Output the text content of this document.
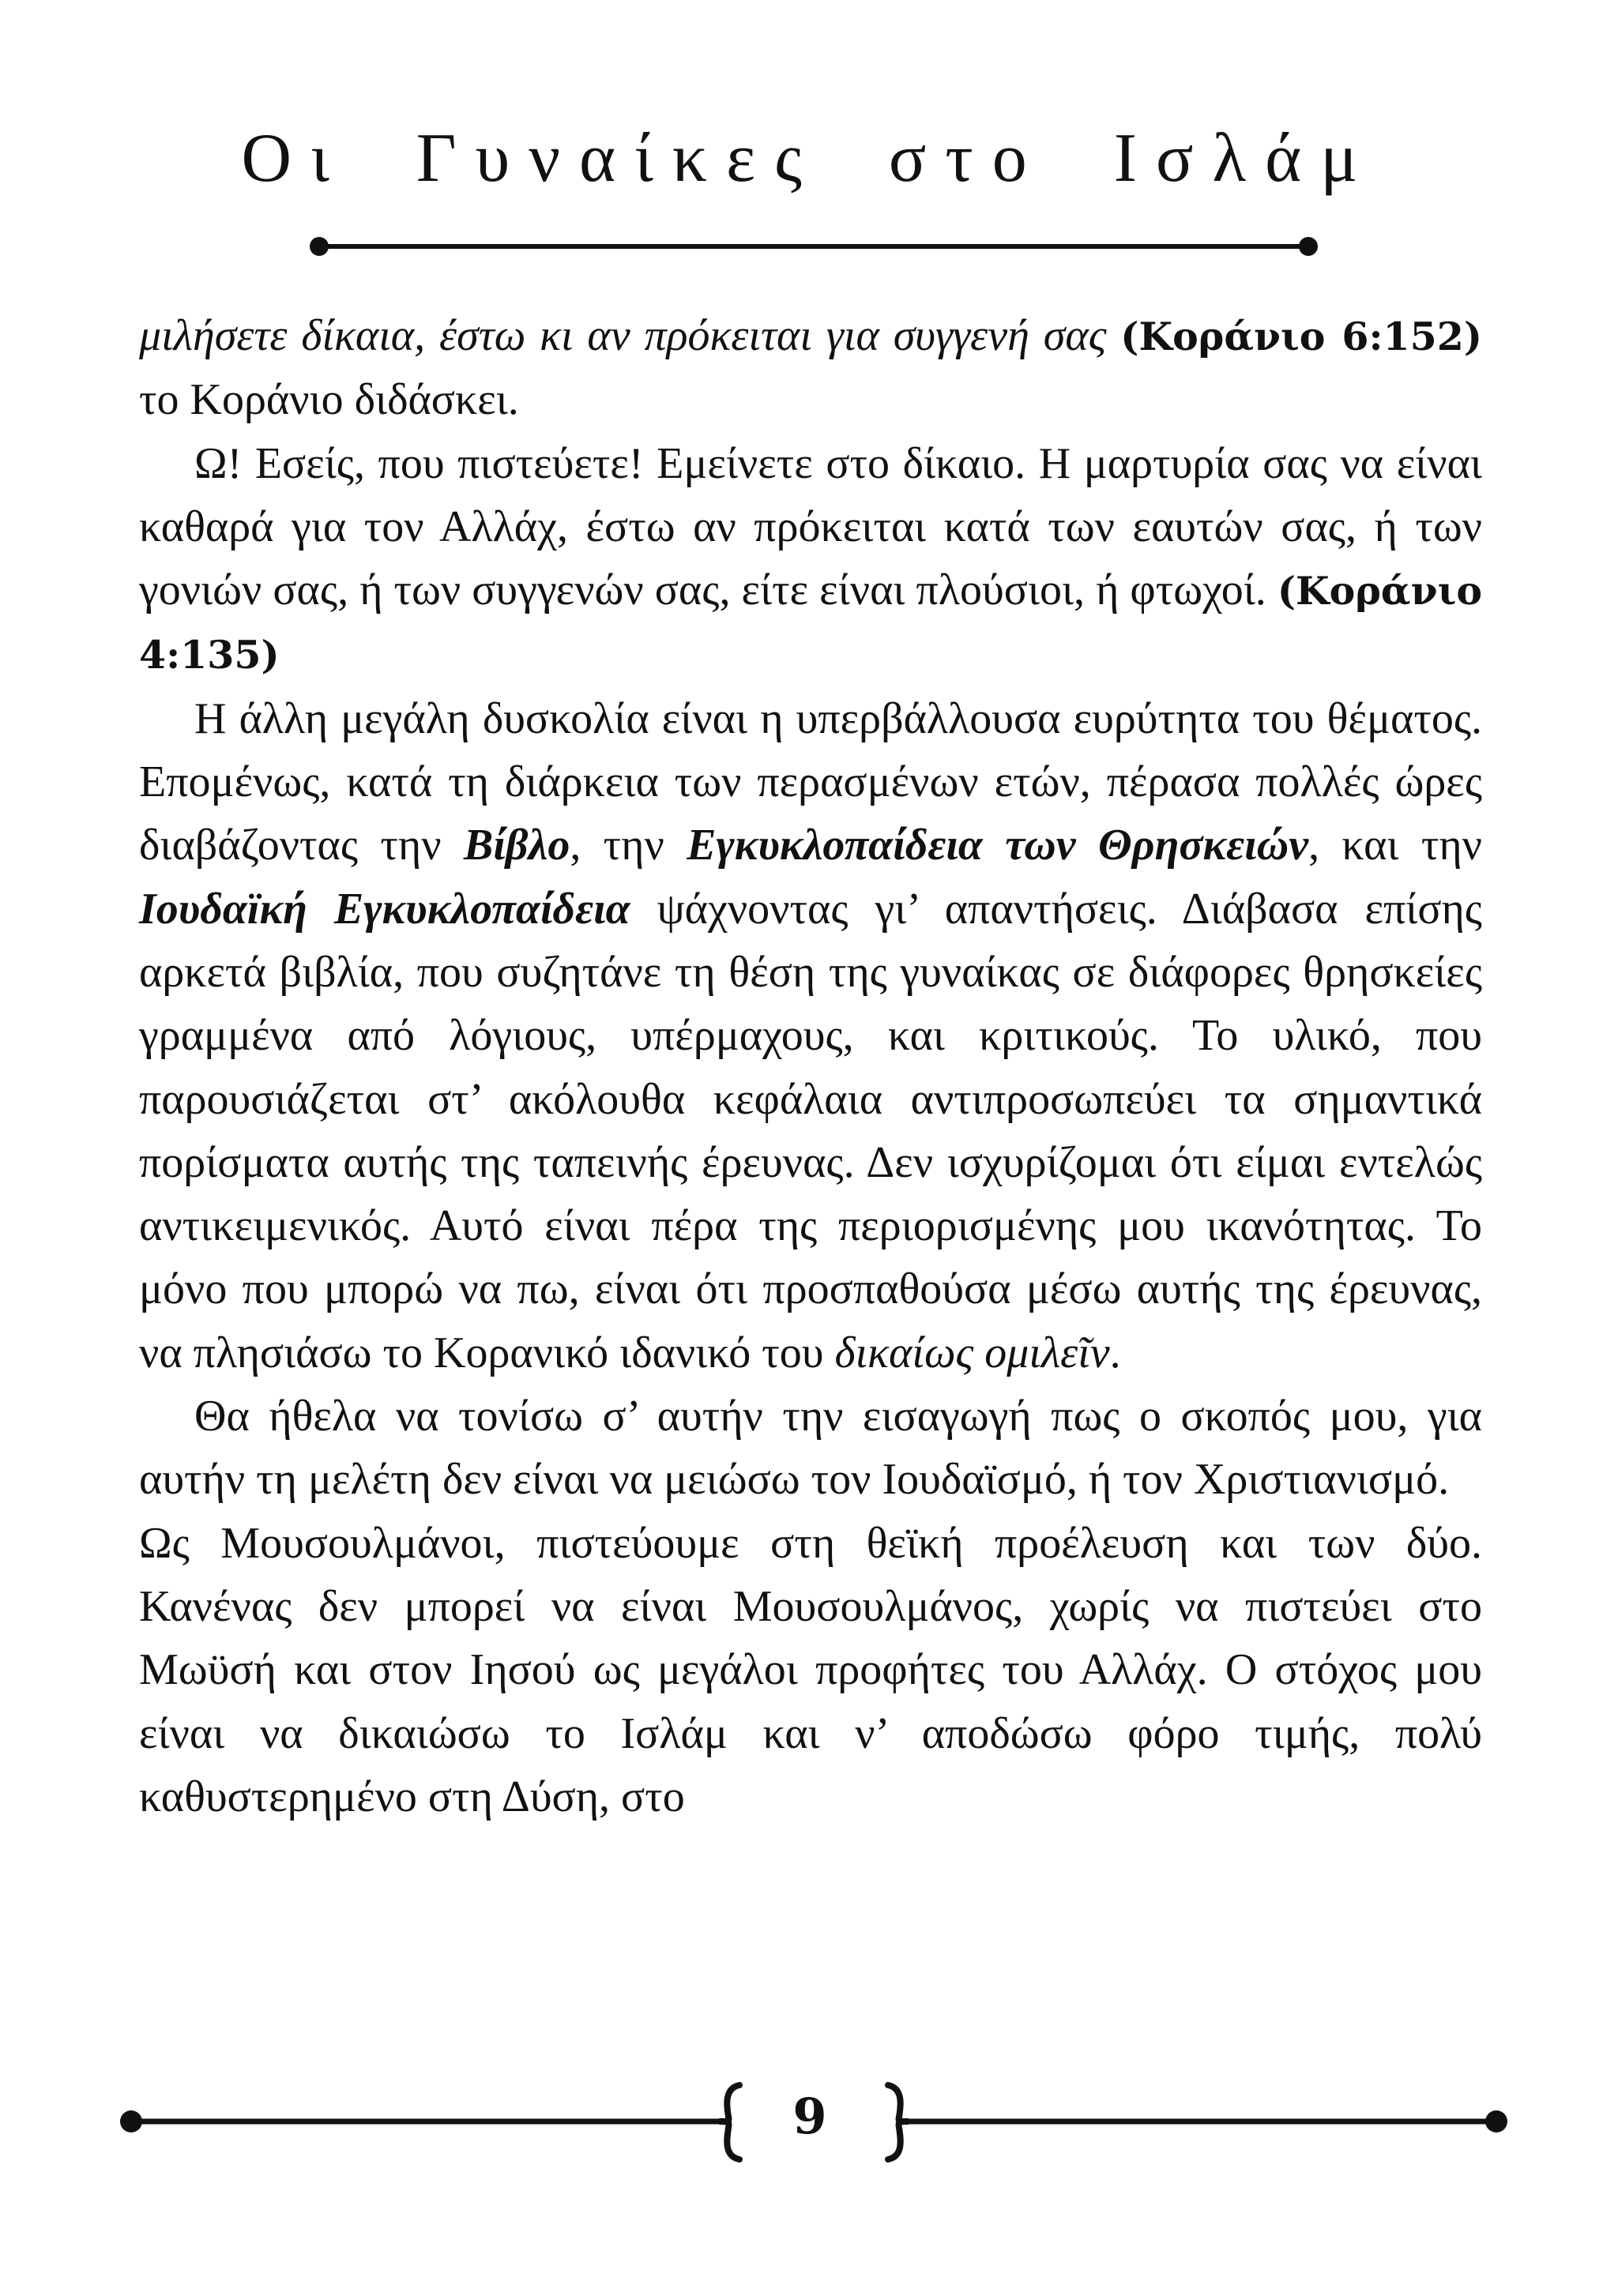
Οι Γυναίκες στο Ισλάμ

μιλήσετε δίκαια, έστω κι αν πρόκειται για συγγενή σας (Κοράνιο 6:152) το Κοράνιο διδάσκει.

Ω! Εσείς, που πιστεύετε! Εμείνετε στο δίκαιο. Η μαρτυρία σας να είναι καθαρά για τον Αλλάχ, έστω αν πρόκειται κατά των εαυτών σας, ή των γονιών σας, ή των συγγενών σας, είτε είναι πλούσιοι, ή φτωχοί. (Κοράνιο 4:135)

Η άλλη μεγάλη δυσκολία είναι η υπερβάλλουσα ευρύτητα του θέματος. Επομένως, κατά τη διάρκεια των περασμένων ετών, πέρασα πολλές ώρες διαβάζοντας την Βίβλο, την Εγκυκλοπαίδεια των Θρησκειών, και την Ιουδαϊκή Εγκυκλοπαίδεια ψάχνοντας γι’ απαντήσεις. Διάβασα επίσης αρκετά βιβλία, που συζητάνε τη θέση της γυναίκας σε διάφορες θρησκείες γραμμένα από λόγιους, υπέρμαχους, και κριτικούς. Το υλικό, που παρουσιάζεται στ’ ακόλουθα κεφάλαια αντιπροσωπεύει τα σημαντικά πορίσματα αυτής της ταπεινής έρευνας. Δεν ισχυρίζομαι ότι είμαι εντελώς αντικειμενικός. Αυτό είναι πέρα της περιορισμένης μου ικανότητας. Το μόνο που μπορώ να πω, είναι ότι προσπαθούσα μέσω αυτής της έρευνας, να πλησιάσω το Κορανικό ιδανικό του δικαίως ομιλεῖν.

Θα ήθελα να τονίσω σ’ αυτήν την εισαγωγή πως ο σκοπός μου, για αυτήν τη μελέτη δεν είναι να μειώσω τον Ιουδαϊσμό, ή τον Χριστιανισμό.

Ως Μουσουλμάνοι, πιστεύουμε στη θεϊκή προέλευση και των δύο. Κανένας δεν μπορεί να είναι Μουσουλμάνος, χωρίς να πιστεύει στο Μωϋσή και στον Ιησού ως μεγάλοι προφήτες του Αλλάχ. Ο στόχος μου είναι να δικαιώσω το Ισλάμ και ν’ αποδώσω φόρο τιμής, πολύ καθυστερημένο στη Δύση, στο

9
